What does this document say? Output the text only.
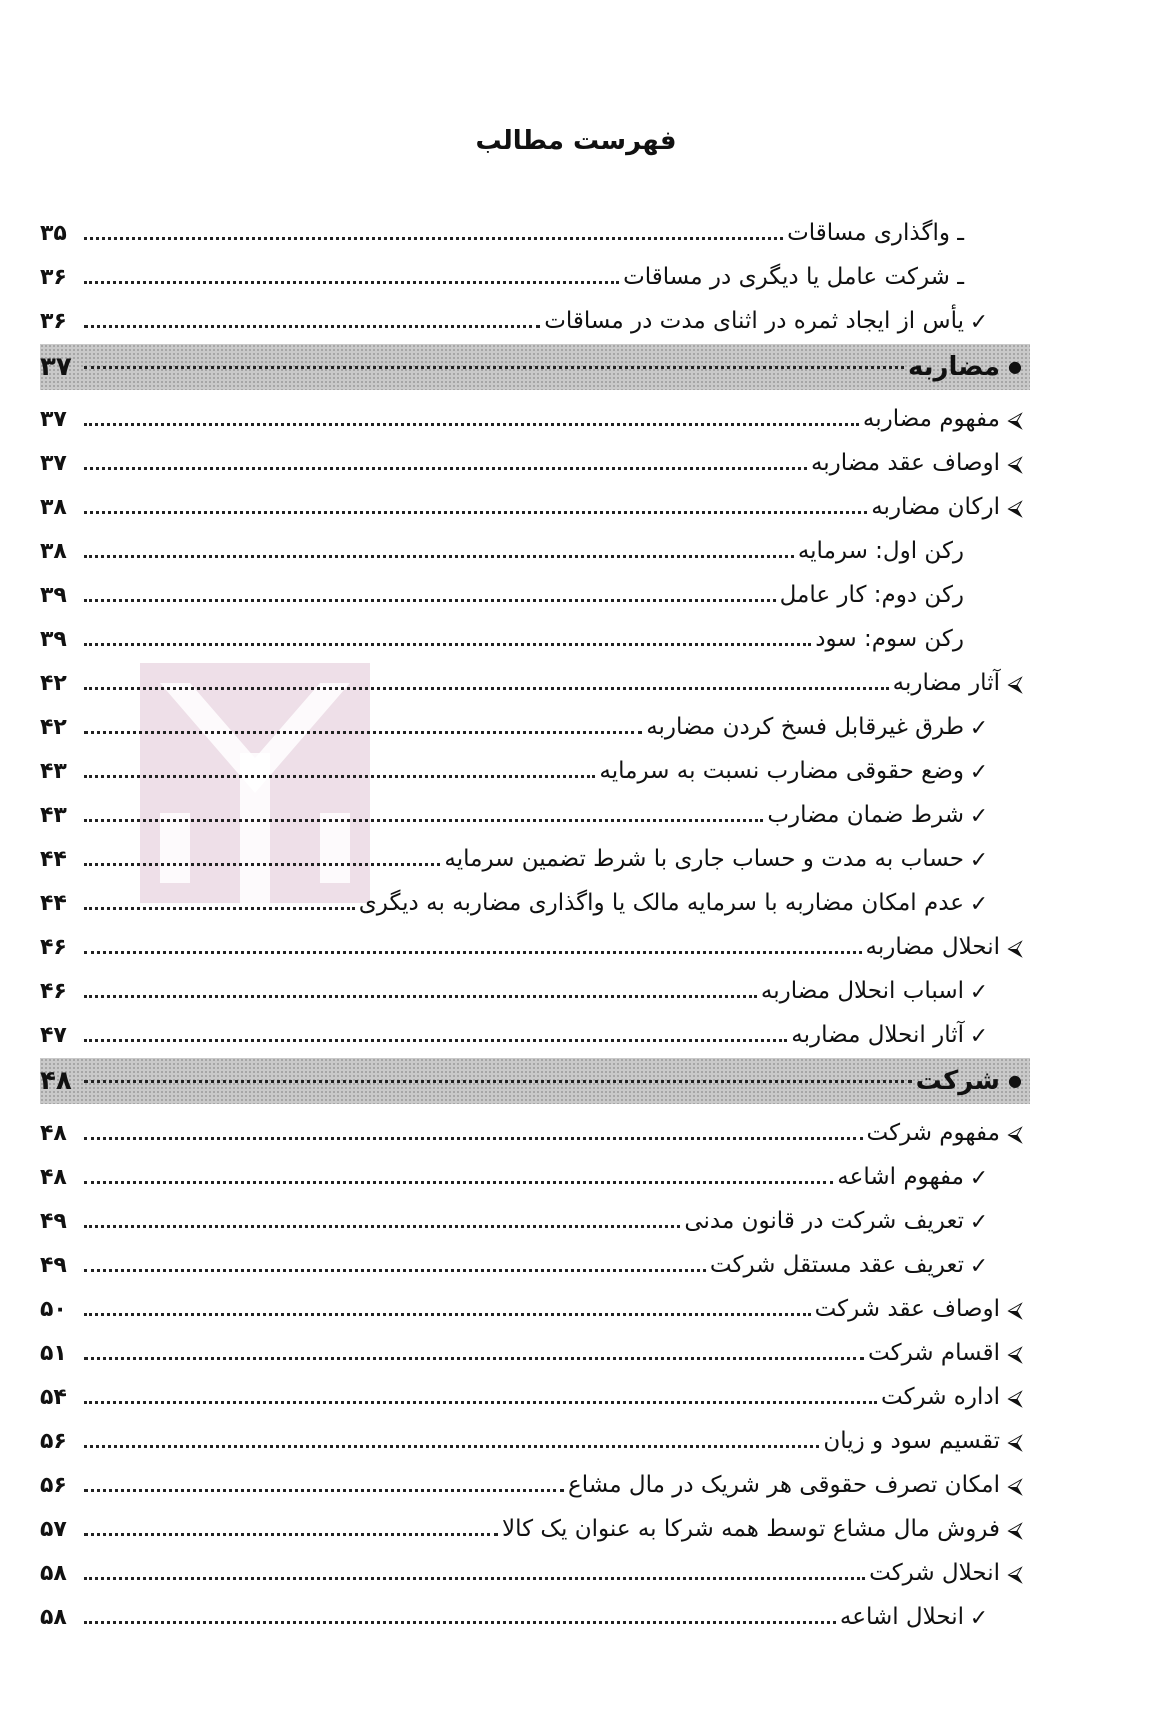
فهرست مطالب
ـ واگذاری مساقات
۳۵
ـ شرکت عامل یا دیگری در مساقات
۳۶
✓
یأس از ایجاد ثمره در اثنای مدت در مساقات
۳۶
●
مضاربه
۳۷
⮘
مفهوم مضاربه
۳۷
⮘
اوصاف عقد مضاربه
۳۷
⮘
ارکان مضاربه
۳۸
رکن اول: سرمایه
۳۸
رکن دوم: کار عامل
۳۹
رکن سوم: سود
۳۹
⮘
آثار مضاربه
۴۲
✓
طرق غیرقابل فسخ کردن مضاربه
۴۲
✓
وضع حقوقی مضارب نسبت به سرمایه
۴۳
✓
شرط ضمان مضارب
۴۳
✓
حساب به مدت و حساب جاری با شرط تضمین سرمایه
۴۴
✓
عدم امکان مضاربه با سرمایه مالک یا واگذاری مضاربه به دیگری
۴۴
⮘
انحلال مضاربه
۴۶
✓
اسباب انحلال مضاربه
۴۶
✓
آثار انحلال مضاربه
۴۷
●
شرکت
۴۸
⮘
مفهوم شرکت
۴۸
✓
مفهوم اشاعه
۴۸
✓
تعریف شرکت در قانون مدنی
۴۹
✓
تعریف عقد مستقل شرکت
۴۹
⮘
اوصاف عقد شرکت
۵۰
⮘
اقسام شرکت
۵۱
⮘
اداره شرکت
۵۴
⮘
تقسیم سود و زیان
۵۶
⮘
امکان تصرف حقوقی هر شریک در مال مشاع
۵۶
⮘
فروش مال مشاع توسط همه شرکا به عنوان یک کالا
۵۷
⮘
انحلال شرکت
۵۸
✓
انحلال اشاعه
۵۸
